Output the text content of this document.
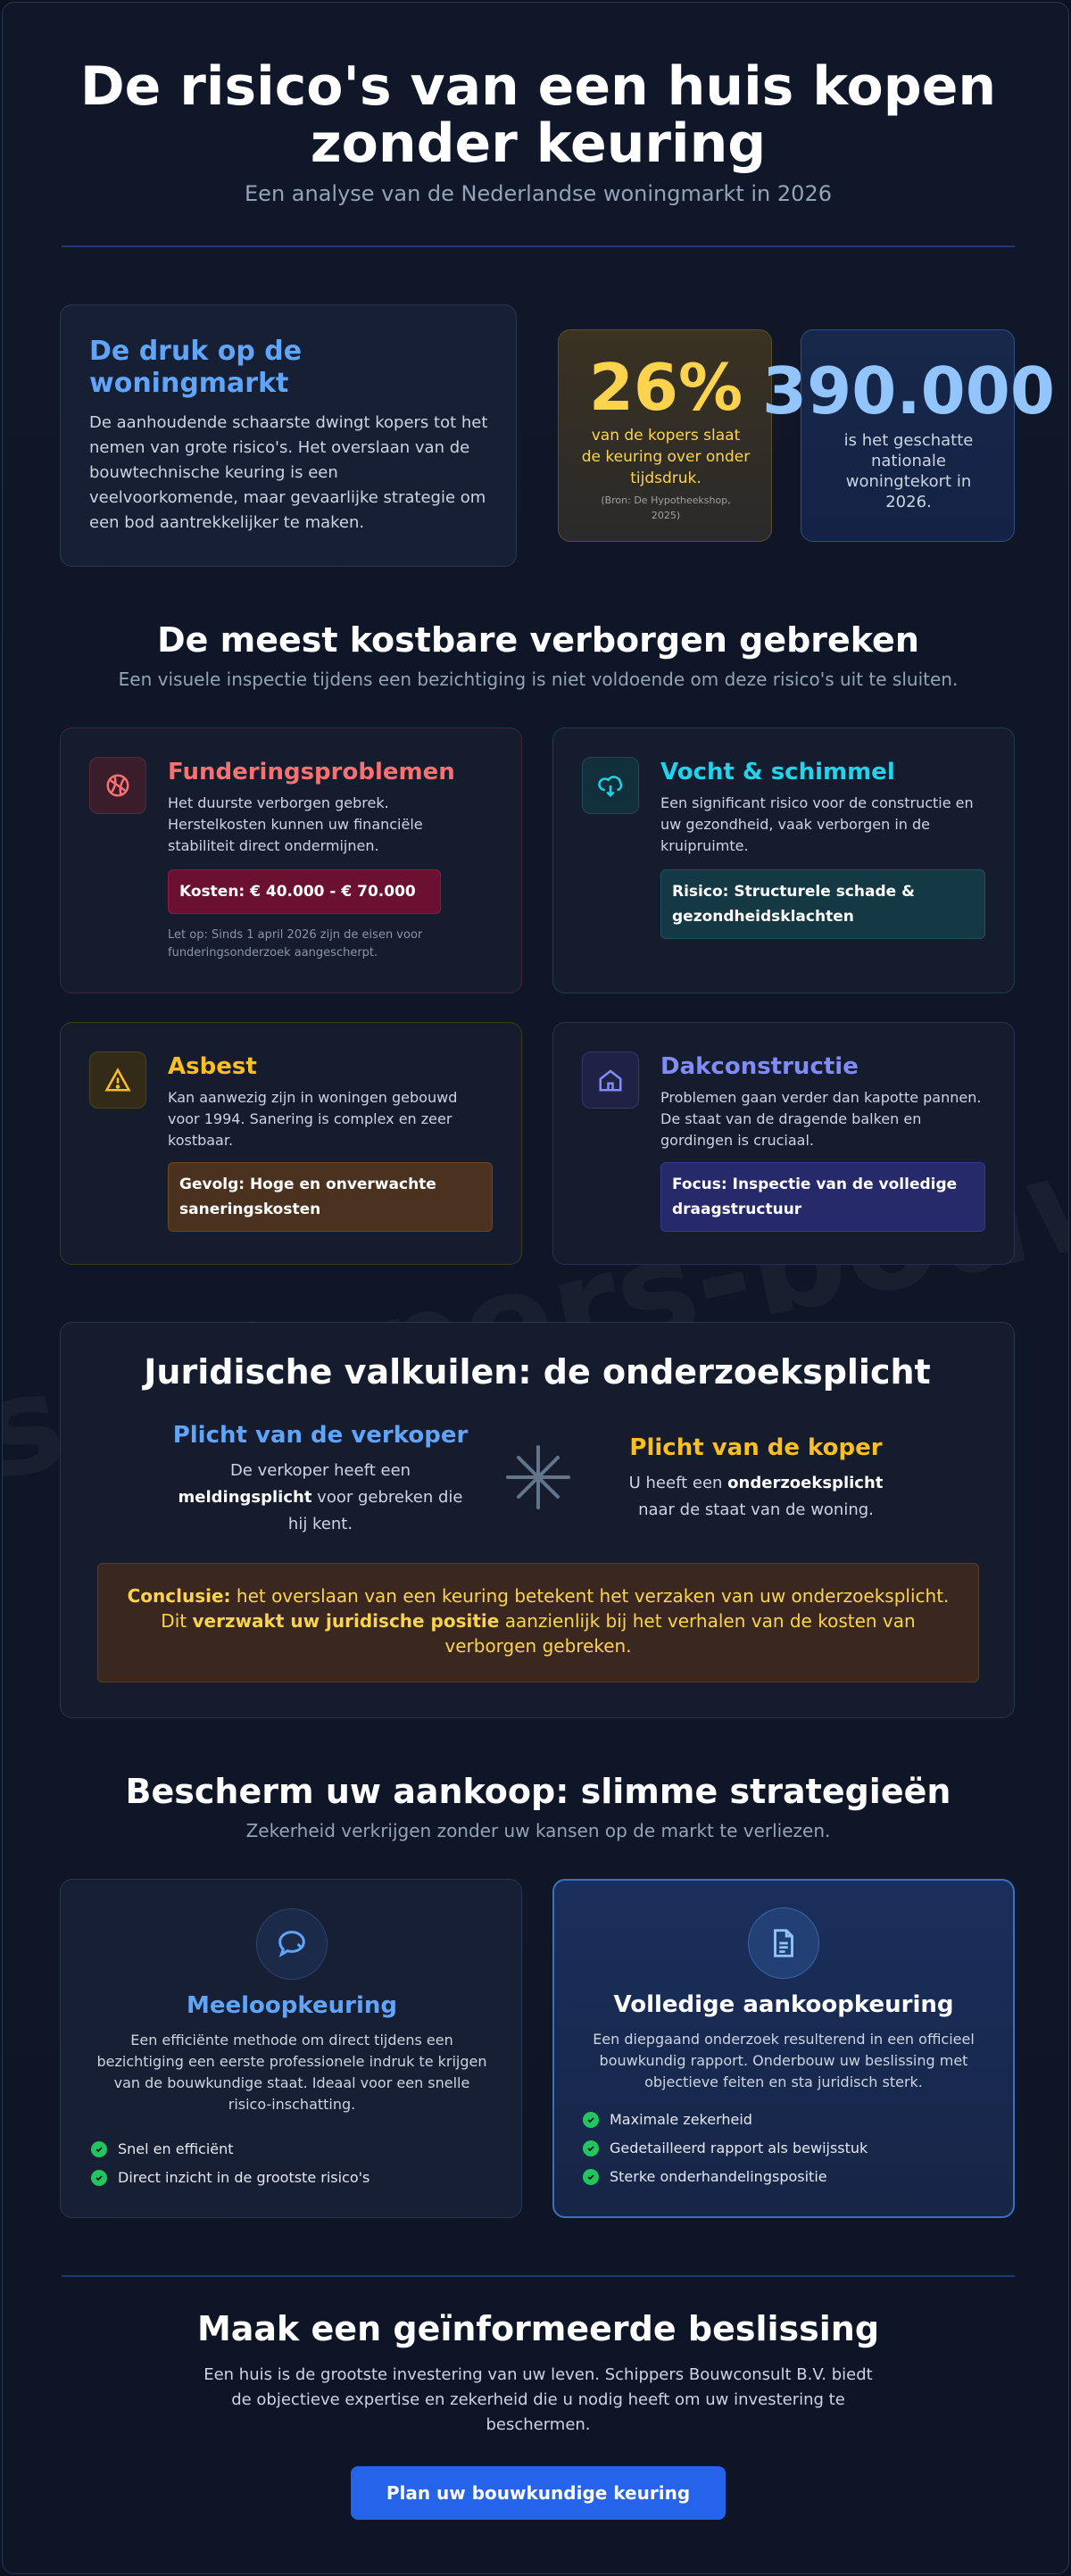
De risico's van een huis kopen
zonder keuring
Een analyse van de Nederlandse woningmarkt in 2026
De druk op de
woningmarkt
De aanhoudende schaarste dwingt kopers tot het nemen van grote risico's. Het overslaan van de bouwtechnische keuring is een veelvoorkomende, maar gevaarlijke strategie om een bod aantrekkelijker te maken.
26%
van de kopers slaat de keuring over onder tijdsdruk.
(Bron: De Hypotheekshop, 2025)
390.000
is het geschatte nationale woningtekort in 2026.
De meest kostbare verborgen gebreken
Een visuele inspectie tijdens een bezichtiging is niet voldoende om deze risico's uit te sluiten.
Funderingsproblemen
Het duurste verborgen gebrek. Herstelkosten kunnen uw financiële stabiliteit direct ondermijnen.
Kosten: € 40.000 - € 70.000
Let op: Sinds 1 april 2026 zijn de eisen voor funderingsonderzoek aangescherpt.
Vocht & schimmel
Een significant risico voor de constructie en uw gezondheid, vaak verborgen in de kruipruimte.
Risico: Structurele schade & gezondheidsklachten
Asbest
Kan aanwezig zijn in woningen gebouwd voor 1994. Sanering is complex en zeer kostbaar.
Gevolg: Hoge en onverwachte saneringskosten
Dakconstructie
Problemen gaan verder dan kapotte pannen. De staat van de dragende balken en gordingen is cruciaal.
Focus: Inspectie van de volledige draagstructuur
Juridische valkuilen: de onderzoeksplicht
Plicht van de verkoper
De verkoper heeft een meldingsplicht voor gebreken die hij kent.
Plicht van de koper
U heeft een onderzoeksplicht
naar de staat van de woning.
Conclusie: het overslaan van een keuring betekent het verzaken van uw onderzoeksplicht. Dit verzwakt uw juridische positie aanzienlijk bij het verhalen van de kosten van verborgen gebreken.
Bescherm uw aankoop: slimme strategieën
Zekerheid verkrijgen zonder uw kansen op de markt te verliezen.
Meeloopkeuring
Een efficiënte methode om direct tijdens een bezichtiging een eerste professionele indruk te krijgen van de bouwkundige staat. Ideaal voor een snelle risico-inschatting.
Snel en efficiënt
Direct inzicht in de grootste risico's
Volledige aankoopkeuring
Een diepgaand onderzoek resulterend in een officieel bouwkundig rapport. Onderbouw uw beslissing met objectieve feiten en sta juridisch sterk.
Maximale zekerheid
Gedetailleerd rapport als bewijsstuk
Sterke onderhandelingspositie
Maak een geïnformeerde beslissing
Een huis is de grootste investering van uw leven. Schippers Bouwconsult B.V. biedt de objectieve expertise en zekerheid die u nodig heeft om uw investering te beschermen.
Plan uw bouwkundige keuring
